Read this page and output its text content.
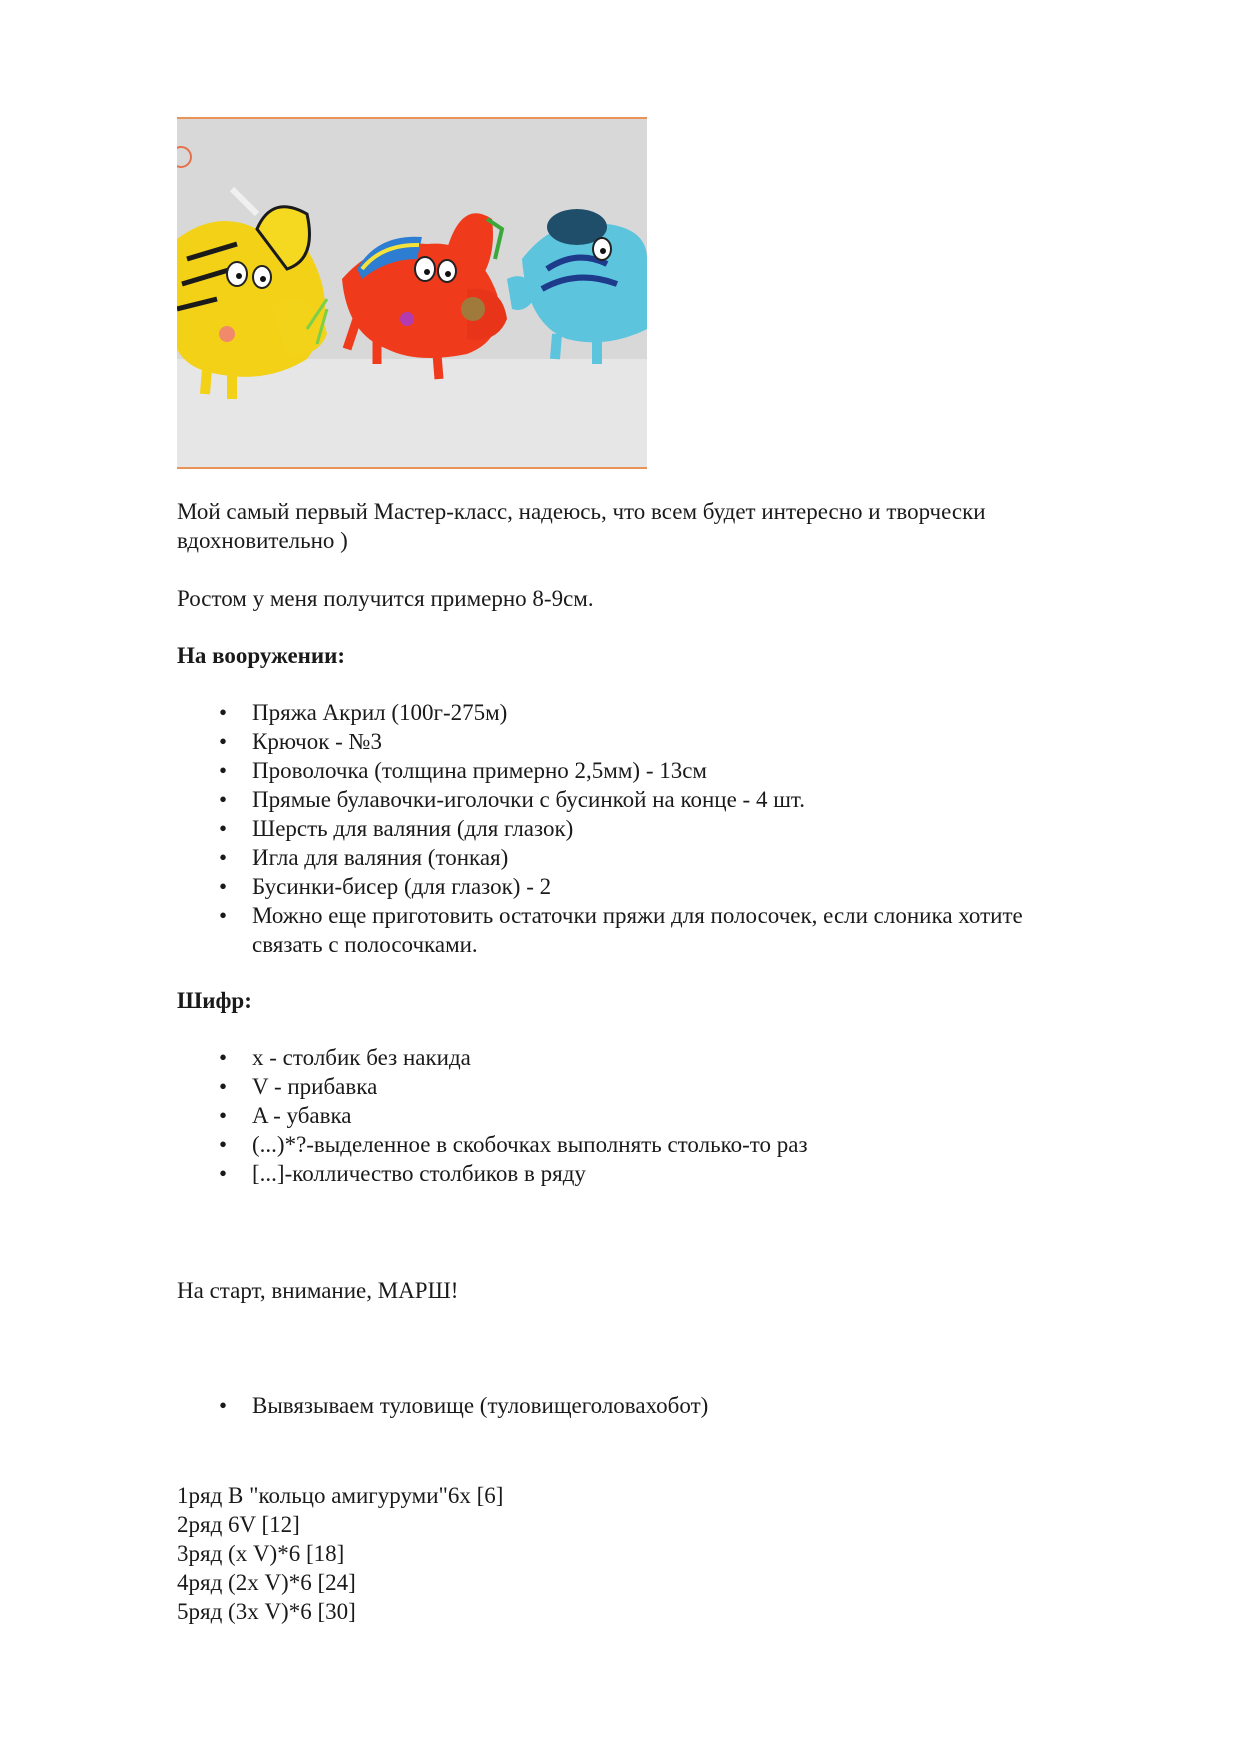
Мой самый первый Мастер-класс, надеюсь, что всем будет интересно и творчески вдохновительно )

Ростом у меня получится примерно 8-9см.

На вооружении:

• Пряжа Акрил (100г-275м)
• Крючок - №3
• Проволочка (толщина примерно 2,5мм) - 13см
• Прямые булавочки-иголочки с бусинкой на конце - 4 шт.
• Шерсть для валяния (для глазок)
• Игла для валяния (тонкая)
• Бусинки-бисер (для глазок) - 2
• Можно еще приготовить остаточки пряжи для полосочек, если слоника хотите связать с полосочками.

Шифр:

• х - столбик без накида
• V - прибавка
• A - убавка
• (...)*?-выделенное в скобочках выполнять столько-то раз
• [...]-колличество столбиков в ряду

На старт, внимание, МАРШ!

• Вывязываем туловище (туловищеголовахобот)
1ряд В "кольцо амигуруми"6х [6]
2ряд 6V [12]
3ряд (х V)*6 [18]
4ряд (2х V)*6 [24]
5ряд (3х V)*6 [30]
